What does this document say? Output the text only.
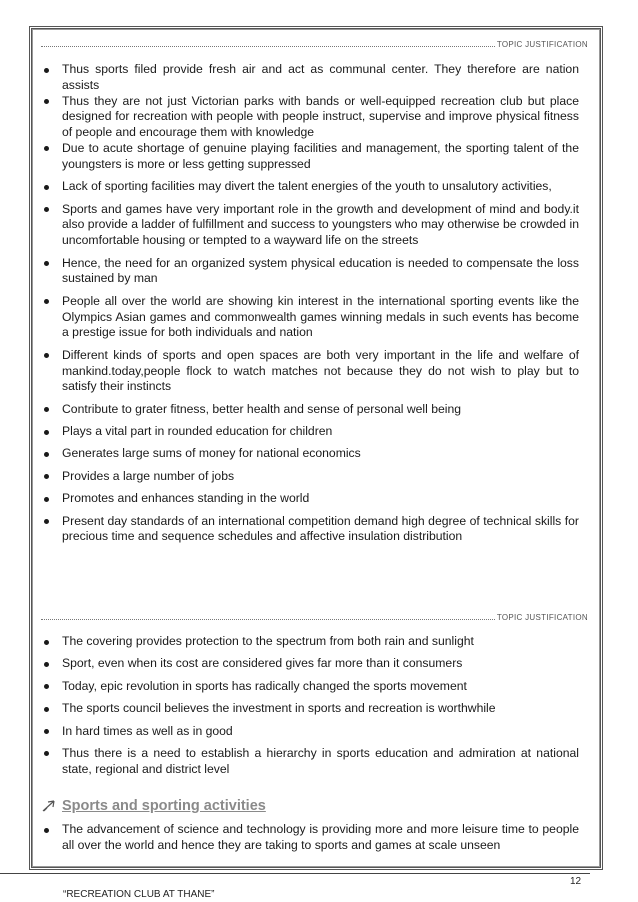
TOPIC JUSTIFICATION
Thus sports filed provide fresh air and act as communal center. They therefore are nation assists
Thus they are not just Victorian parks with bands or well-equipped recreation club but place designed for recreation with people with people instruct, supervise and improve physical fitness of people and encourage them with knowledge
Due to acute shortage of genuine playing facilities and management, the sporting talent of the youngsters is more or less getting suppressed
Lack of sporting facilities may divert the talent energies of the youth to unsalutory activities,
Sports and games have very important role in the growth and development of mind and body.it also provide a ladder of fulfillment and success to youngsters who may otherwise be crowded in uncomfortable housing or tempted to a wayward life on the streets
Hence, the need for an organized system physical education is needed to compensate the loss sustained by man
People all over the world are showing kin interest in the international sporting events like the Olympics Asian games and commonwealth games winning medals in such events has become a prestige issue for both individuals and nation
Different kinds of sports and open spaces are both very important in the life and welfare of mankind.today,people flock to watch matches not because they do not wish to play but to satisfy their instincts
Contribute to grater fitness, better health and sense of personal well being
Plays a vital part in rounded education for children
Generates large sums of money for national economics
Provides a large number of jobs
Promotes and enhances standing in the world
Present day standards of an international competition demand high degree of technical skills for precious time and sequence schedules and affective insulation distribution
TOPIC JUSTIFICATION
The covering provides protection to the spectrum from both rain and sunlight
Sport, even when its cost are considered gives far more than it consumers
Today, epic revolution in sports has radically changed the sports movement
The sports council believes the investment in sports and recreation is worthwhile
In hard times as well as in good
Thus there is a need to establish a hierarchy in sports education and admiration at national state, regional and district level
Sports and sporting activities
The advancement of science and technology is providing more and more leisure time to people all over the world and hence they are taking to sports and games at scale unseen
12
“RECREATION CLUB AT THANE”
